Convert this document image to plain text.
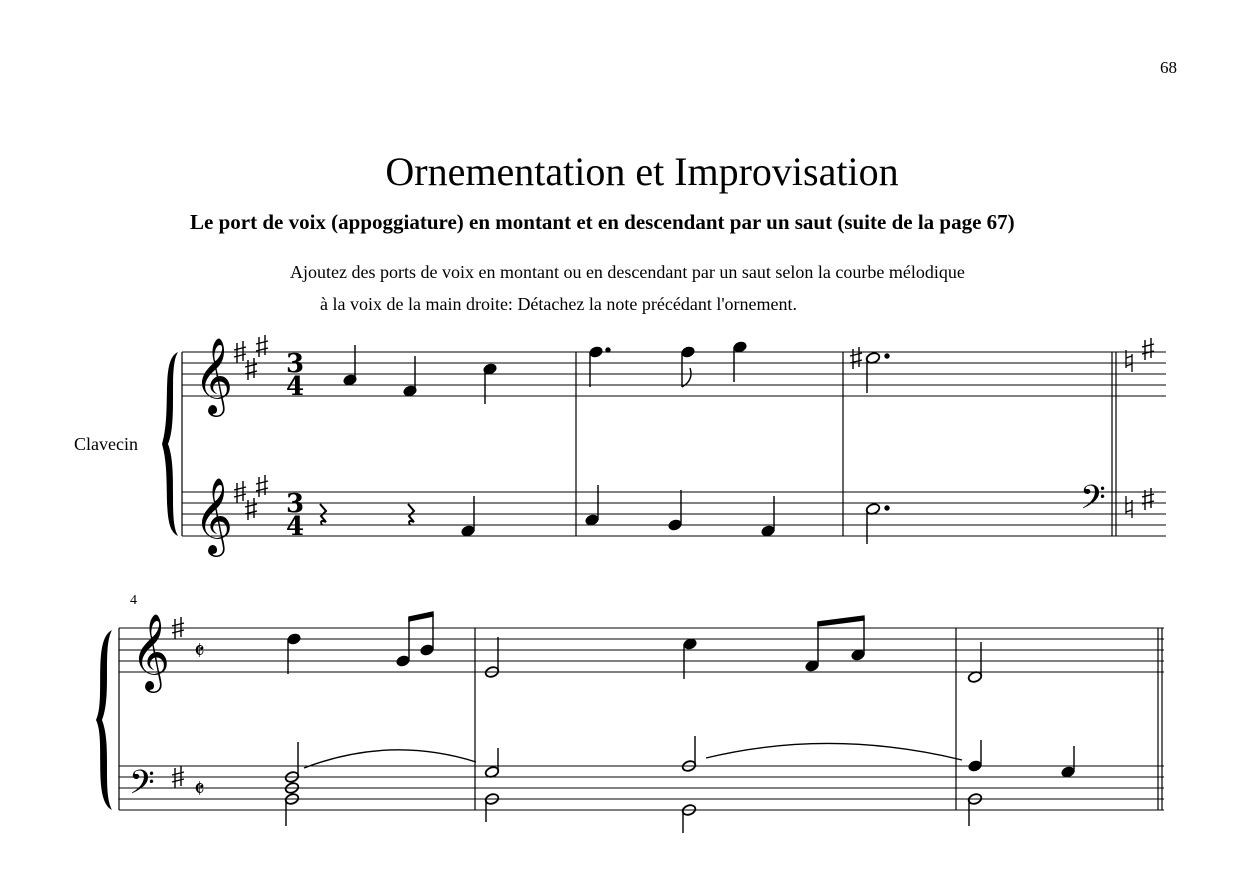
68
Ornementation et Improvisation
Le port de voix (appoggiature) en montant et en descendant par un saut (suite de la page 67)
Ajoutez des ports de voix en montant ou en descendant par un saut selon la courbe mélodique
à la voix de la main droite: Détachez la note précédant l'ornement.
Clavecin
4
𝄞
𝄞
3
4
3
4
𝄢
𝄞
𝄢
𝄵
𝄵
